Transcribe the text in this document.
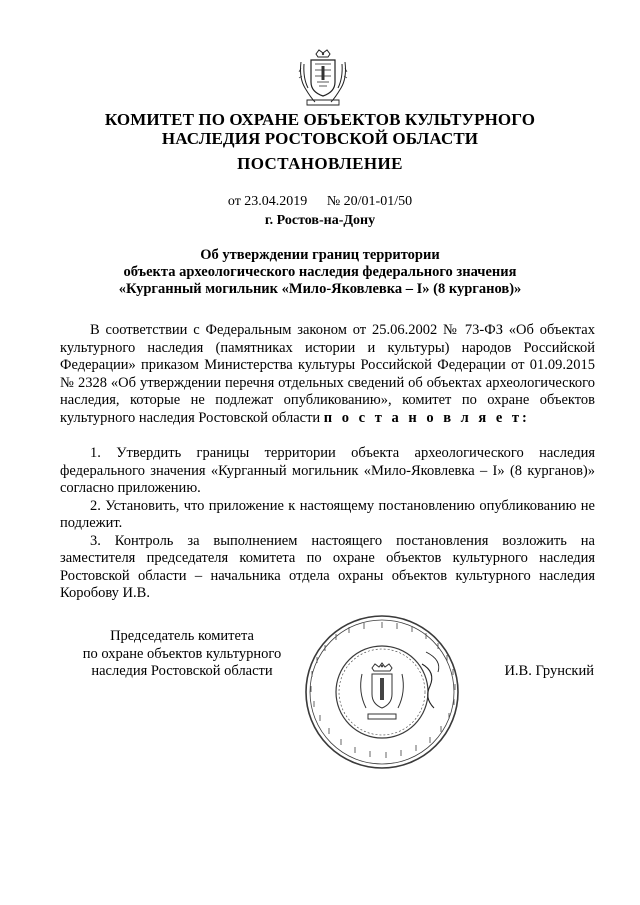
КОМИТЕТ ПО ОХРАНЕ ОБЪЕКТОВ КУЛЬТУРНОГО
НАСЛЕДИЯ РОСТОВСКОЙ ОБЛАСТИ
ПОСТАНОВЛЕНИЕ
от 23.04.2019 № 20/01-01/50
г. Ростов-на-Дону
Об утверждении границ территории
объекта археологического наследия федерального значения
«Курганный могильник «Мило-Яковлевка – I» (8 курганов)»

В соответствии с Федеральным законом от 25.06.2002 № 73-ФЗ «Об объектах культурного наследия (памятниках истории и культуры) народов Российской Федерации» приказом Министерства культуры Российской Федерации от 01.09.2015 № 2328 «Об утверждении перечня отдельных сведений об объектах археологического наследия, которые не подлежат опубликованию», комитет по охране объектов культурного наследия Ростовской области п о с т а н о в л я е т:

1. Утвердить границы территории объекта археологического наследия федерального значения «Курганный могильник «Мило-Яковлевка – I» (8 курганов)» согласно приложению.

2. Установить, что приложение к настоящему постановлению опубликованию не подлежит.

3. Контроль за выполнением настоящего постановления возложить на заместителя председателя комитета по охране объектов культурного наследия Ростовской области – начальника отдела охраны объектов культурного наследия Коробову И.В.

Председатель комитета
по охране объектов культурного
наследия Ростовской области	И.В. Грунский
